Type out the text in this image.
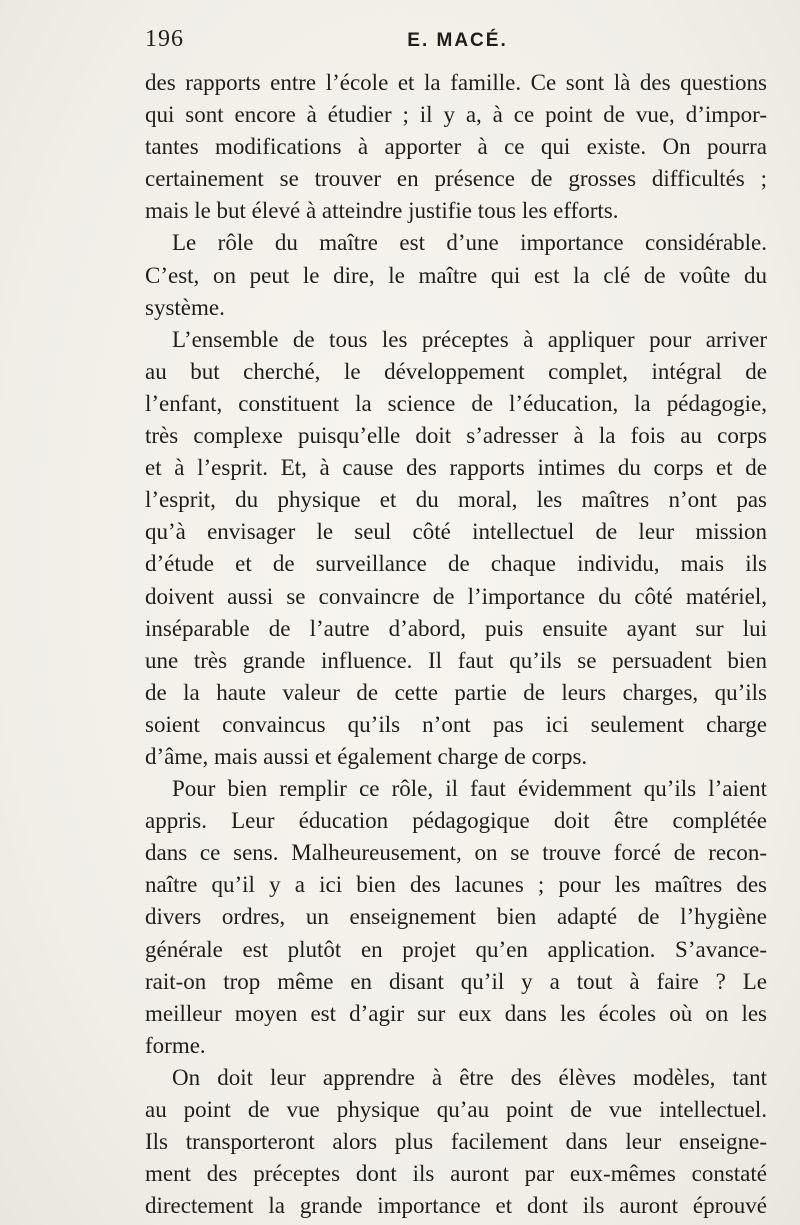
196	E. MACÉ.
des rapports entre l’école et la famille. Ce sont là des questions
qui sont encore à étudier ; il y a, à ce point de vue, d’impor-
tantes modifications à apporter à ce qui existe. On pourra
certainement se trouver en présence de grosses difficultés ;
mais le but élevé à atteindre justifie tous les efforts.
Le rôle du maître est d’une importance considérable.
C’est, on peut le dire, le maître qui est la clé de voûte du
système.
L’ensemble de tous les préceptes à appliquer pour arriver
au but cherché, le développement complet, intégral de
l’enfant, constituent la science de l’éducation, la pédagogie,
très complexe puisqu’elle doit s’adresser à la fois au corps
et à l’esprit. Et, à cause des rapports intimes du corps et de
l’esprit, du physique et du moral, les maîtres n’ont pas
qu’à envisager le seul côté intellectuel de leur mission
d’étude et de surveillance de chaque individu, mais ils
doivent aussi se convaincre de l’importance du côté matériel,
inséparable de l’autre d’abord, puis ensuite ayant sur lui
une très grande influence. Il faut qu’ils se persuadent bien
de la haute valeur de cette partie de leurs charges, qu’ils
soient convaincus qu’ils n’ont pas ici seulement charge
d’âme, mais aussi et également charge de corps.
Pour bien remplir ce rôle, il faut évidemment qu’ils l’aient
appris. Leur éducation pédagogique doit être complétée
dans ce sens. Malheureusement, on se trouve forcé de recon-
naître qu’il y a ici bien des lacunes ; pour les maîtres des
divers ordres, un enseignement bien adapté de l’hygiène
générale est plutôt en projet qu’en application. S’avance-
rait-on trop même en disant qu’il y a tout à faire ? Le
meilleur moyen est d’agir sur eux dans les écoles où on les
forme.
On doit leur apprendre à être des élèves modèles, tant
au point de vue physique qu’au point de vue intellectuel.
Ils transporteront alors plus facilement dans leur enseigne-
ment des préceptes dont ils auront par eux-mêmes constaté
directement la grande importance et dont ils auront éprouvé
